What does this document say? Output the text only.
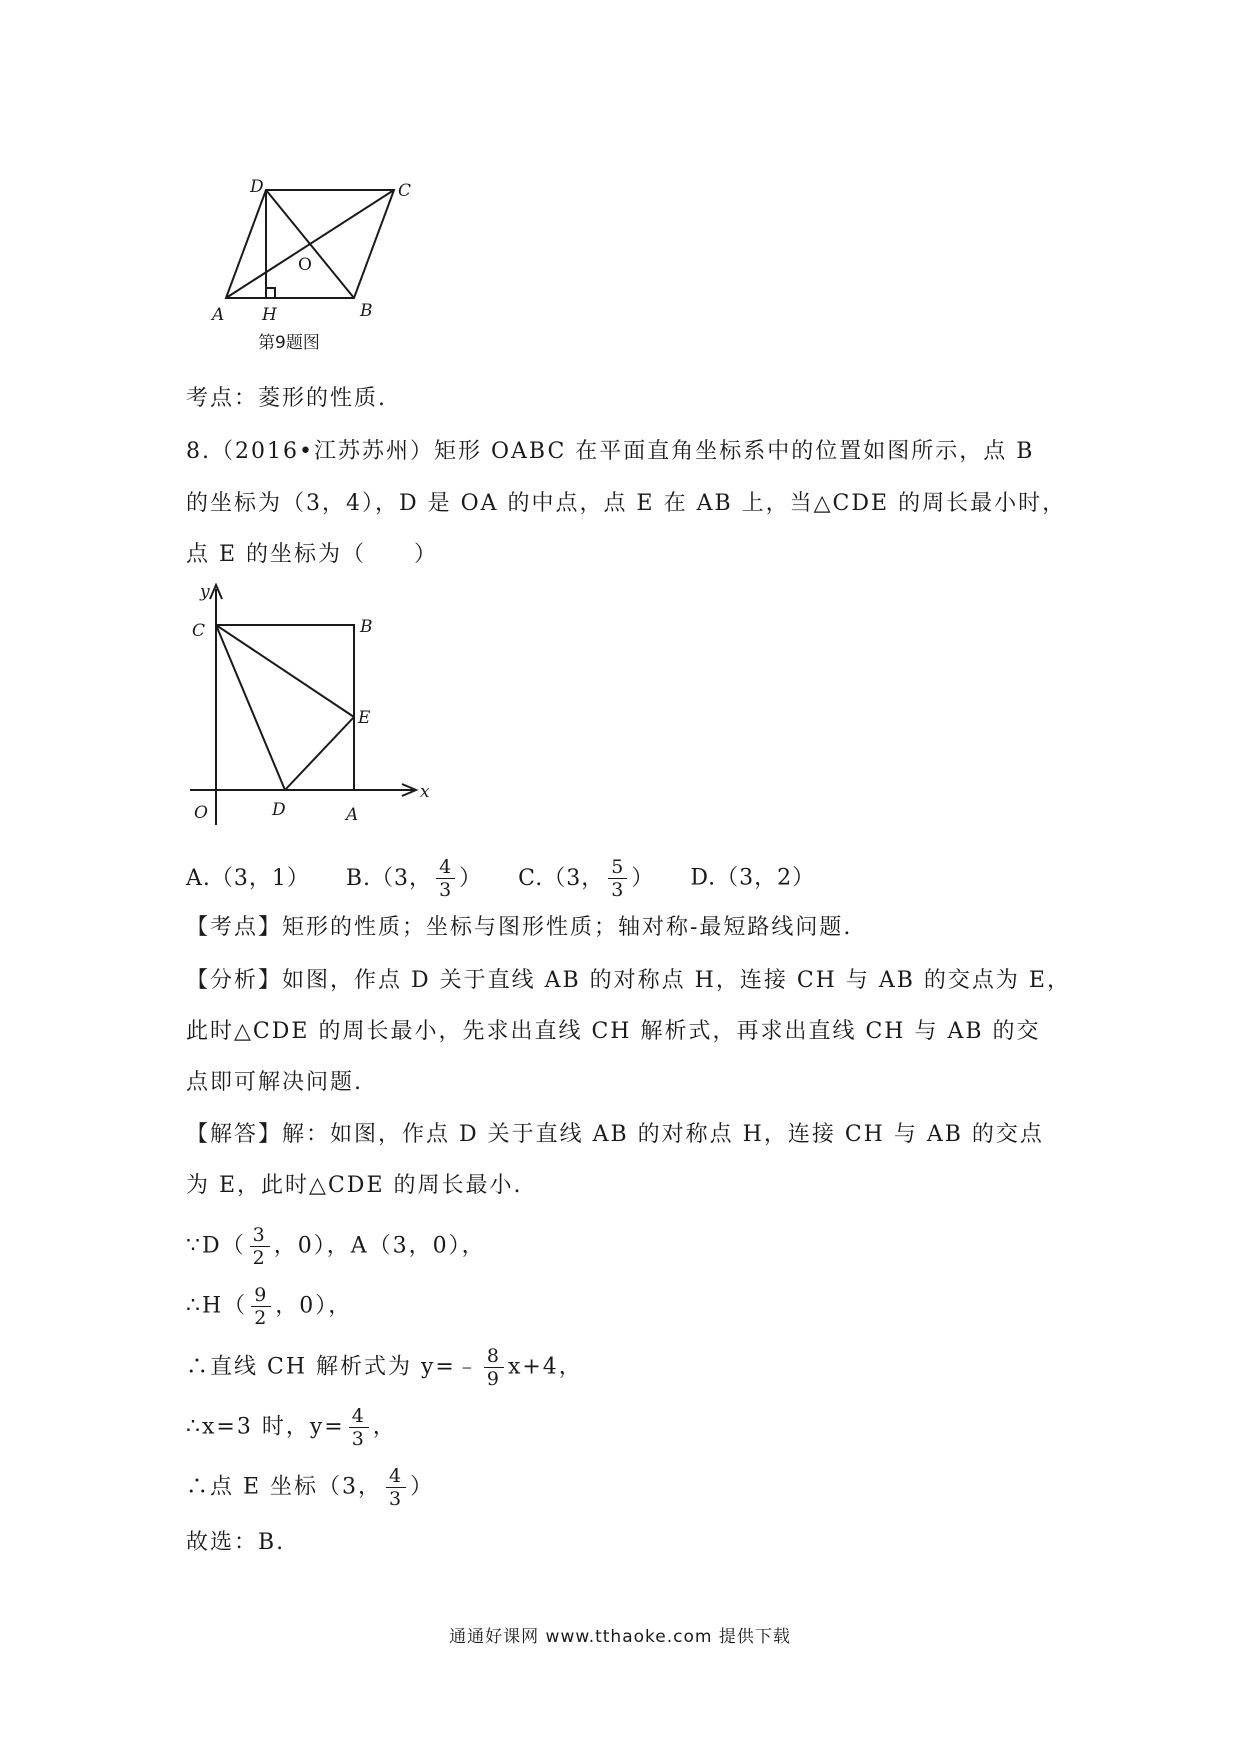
D	C
O
A H	B
第9题图
考点：菱形的性质.
8.（2016•江苏苏州）矩形 OABC 在平面直角坐标系中的位置如图所示，点 B
的坐标为（3，4），D 是 OA 的中点，点 E 在 AB 上，当△CDE 的周长最小时，
点 E 的坐标为（　　）
y
C	B
E
O	D	A
x
A.（3，1） B.（3， $\frac{4}{3}$ ） C.（3， $\frac{5}{3}$ ） D.（3，2）
【考点】矩形的性质；坐标与图形性质；轴对称-最短路线问题.
【分析】如图，作点 D 关于直线 AB 的对称点 H，连接 CH 与 AB 的交点为 E，
此时△CDE 的周长最小，先求出直线 CH 解析式，再求出直线 CH 与 AB 的交
点即可解决问题.
【解答】解：如图，作点 D 关于直线 AB 的对称点 H，连接 CH 与 AB 的交点
为 E，此时△CDE 的周长最小.
∵D（ $\frac{3}{2}$ ，0），A（3，0），
∴H（ $\frac{9}{2}$ ，0），
∴直线 CH 解析式为 y=﹣ $\frac{8}{9} x+4$，
∴x=3 时，$y= \frac{4}{3}$ ，
∴点 E 坐标（3， $\frac{4}{3}$ ）
故选：B.
通通好课网 www.tthaoke.com 提供下载
